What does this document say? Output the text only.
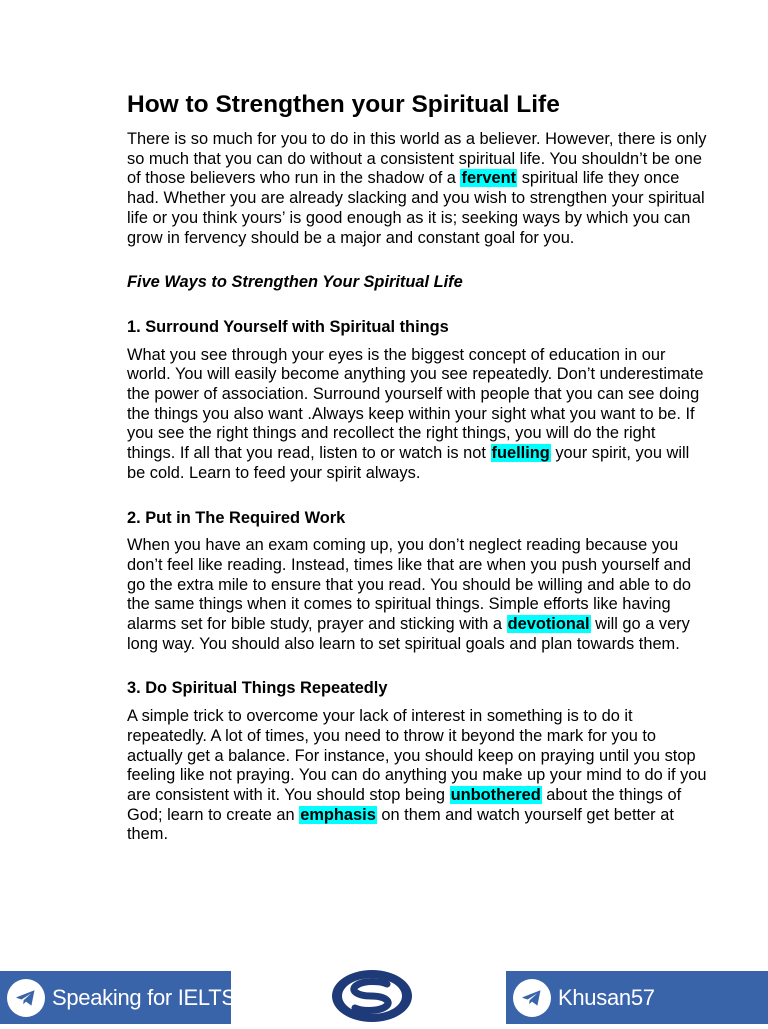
How to Strengthen your Spiritual Life

There is so much for you to do in this world as a believer. However, there is only so much that you can do without a consistent spiritual life. You shouldn’t be one of those believers who run in the shadow of a fervent spiritual life they once had. Whether you are already slacking and you wish to strengthen your spiritual life or you think yours’ is good enough as it is; seeking ways by which you can grow in fervency should be a major and constant goal for you.

Five Ways to Strengthen Your Spiritual Life
1. Surround Yourself with Spiritual things

What you see through your eyes is the biggest concept of education in our world. You will easily become anything you see repeatedly. Don’t underestimate the power of association. Surround yourself with people that you can see doing the things you also want .Always keep within your sight what you want to be. If you see the right things and recollect the right things, you will do the right things. If all that you read, listen to or watch is not fuelling your spirit, you will be cold. Learn to feed your spirit always.

2. Put in The Required Work

When you have an exam coming up, you don’t neglect reading because you don’t feel like reading. Instead, times like that are when you push yourself and go the extra mile to ensure that you read. You should be willing and able to do the same things when it comes to spiritual things. Simple efforts like having alarms set for bible study, prayer and sticking with a devotional will go a very long way. You should also learn to set spiritual goals and plan towards them.

3. Do Spiritual Things Repeatedly

A simple trick to overcome your lack of interest in something is to do it repeatedly. A lot of times, you need to throw it beyond the mark for you to actually get a balance. For instance, you should keep on praying until you stop feeling like not praying. You can do anything you make up your mind to do if you are consistent with it. You should stop being unbothered about the things of God; learn to create an emphasis on them and watch yourself get better at them.

Speaking for IELTS	Khusan57
